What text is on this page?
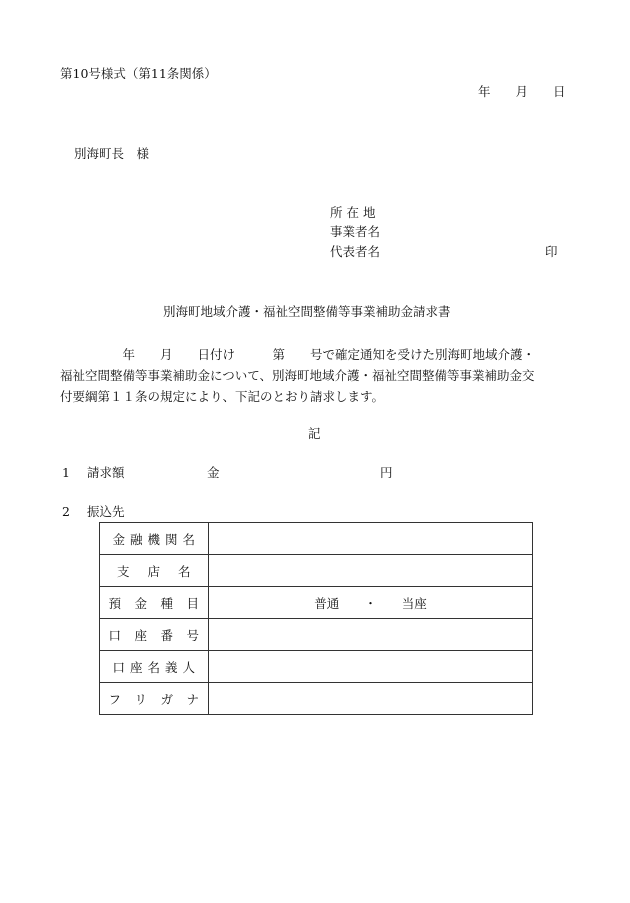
第10号様式（第11条関係）
年　　月　　日
別海町長　様
所 在 地
事業者名
代表者名	印
別海町地域介護・福祉空間整備等事業補助金請求書
　　　　　年　　月　　日付け　　　第　　号で確定通知を受けた別海町地域介護・
福祉空間整備等事業補助金について、別海町地域介護・福祉空間整備等事業補助金交
付要綱第１１条の規定により、下記のとおり請求します。
記
1 請求額	金	円
2 振込先
金 融 機 関 名	
支　 店　 名	
預　金　種　目	普通　　・　　当座
口　座　番　号	
口 座 名 義 人	
フ　リ　ガ　ナ	
